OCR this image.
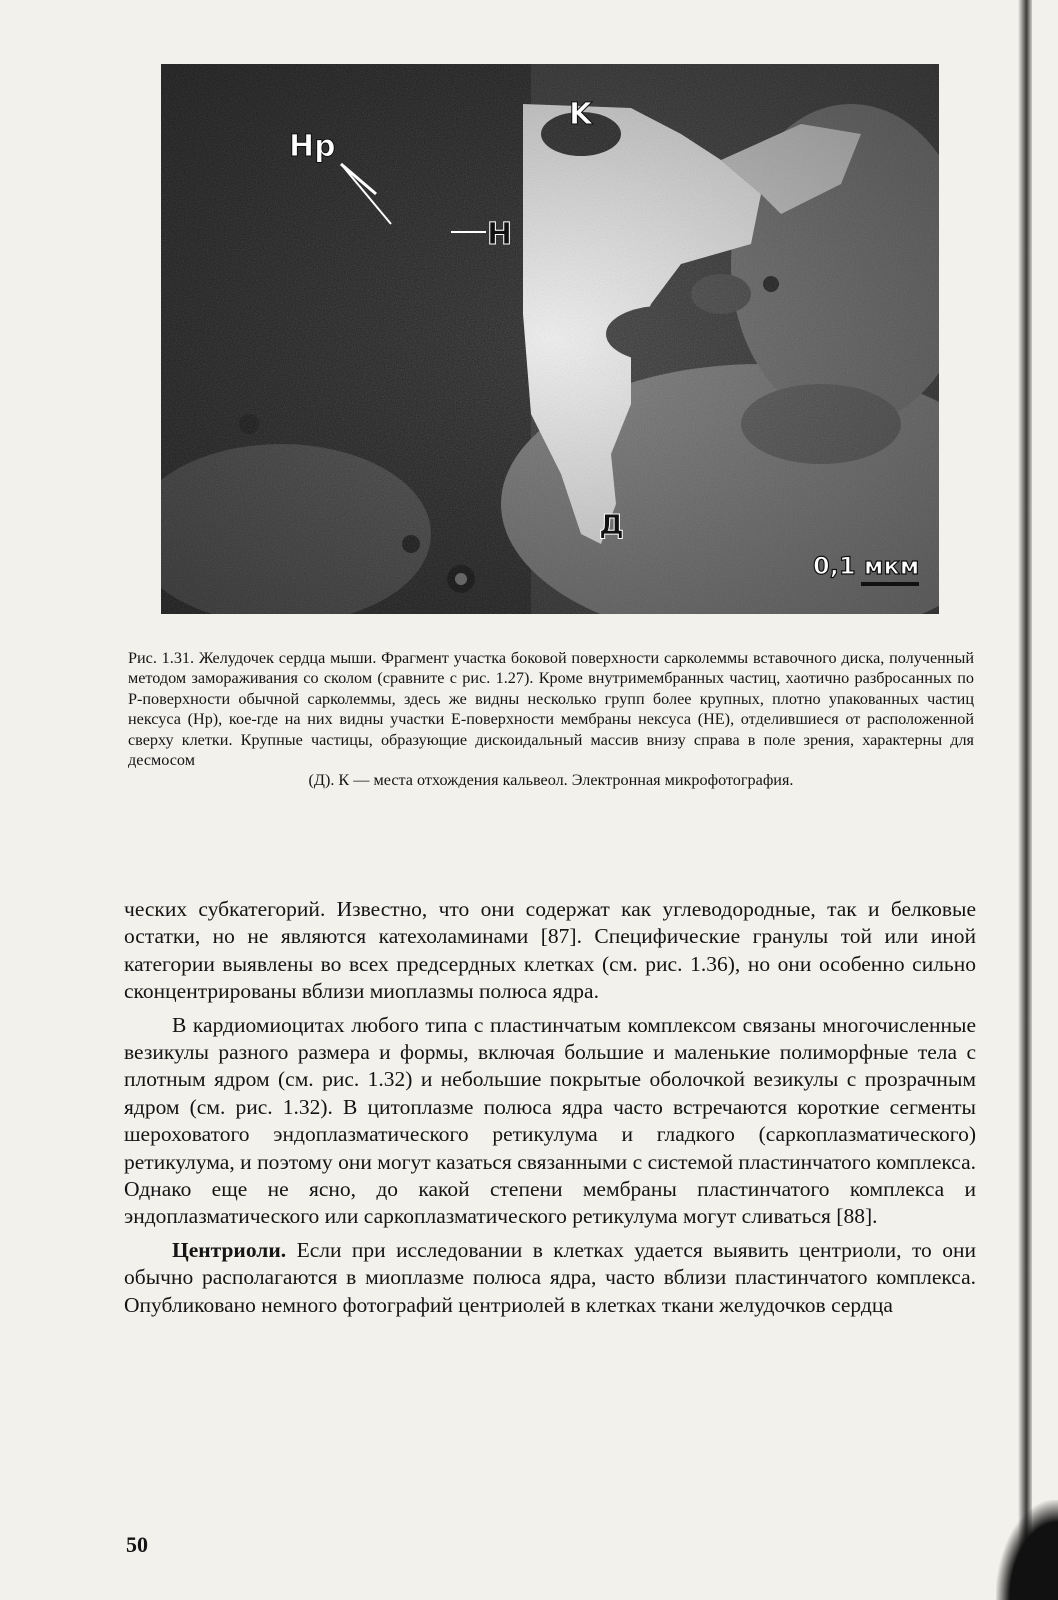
Hp
H
K
Д
0,1 мкм
Рис. 1.31. Желудочек сердца мыши. Фрагмент участка боковой поверхности сарколеммы вставочного диска, полученный методом замораживания со сколом (сравните с рис. 1.27). Кроме внутримембранных частиц, хаотично разбросанных по Р-поверхности обычной сарколеммы, здесь же видны несколько групп более крупных, плотно упакованных частиц нексуса (Hp), кое-где на них видны участки Е-поверхности мембраны нексуса (HE), отделившиеся от расположенной сверху клетки. Крупные частицы, образующие дискоидальный массив внизу справа в поле зрения, характерны для десмосом
(Д). К — места отхождения кальвеол. Электронная микрофотография.

ческих субкатегорий. Известно, что они содержат как углеводородные, так и белковые остатки, но не являются катехоламинами [87]. Специфические гранулы той или иной категории выявлены во всех предсердных клетках (см. рис. 1.36), но они особенно сильно сконцентрированы вблизи миоплазмы полюса ядра.

В кардиомиоцитах любого типа с пластинчатым комплексом связаны многочисленные везикулы разного размера и формы, включая большие и маленькие полиморфные тела с плотным ядром (см. рис. 1.32) и небольшие покрытые оболочкой везикулы с прозрачным ядром (см. рис. 1.32). В цитоплазме полюса ядра часто встречаются короткие сегменты шероховатого эндоплазматического ретикулума и гладкого (саркоплазматического) ретикулума, и поэтому они могут казаться связанными с системой пластинчатого комплекса. Однако еще не ясно, до какой степени мембраны пластинчатого комплекса и эндоплазматического или саркоплазматического ретикулума могут сливаться [88].

Центриоли. Если при исследовании в клетках удается выявить центриоли, то они обычно располагаются в миоплазме полюса ядра, часто вблизи пластинчатого комплекса. Опубликовано немного фотографий центриолей в клетках ткани желудочков сердца

50
